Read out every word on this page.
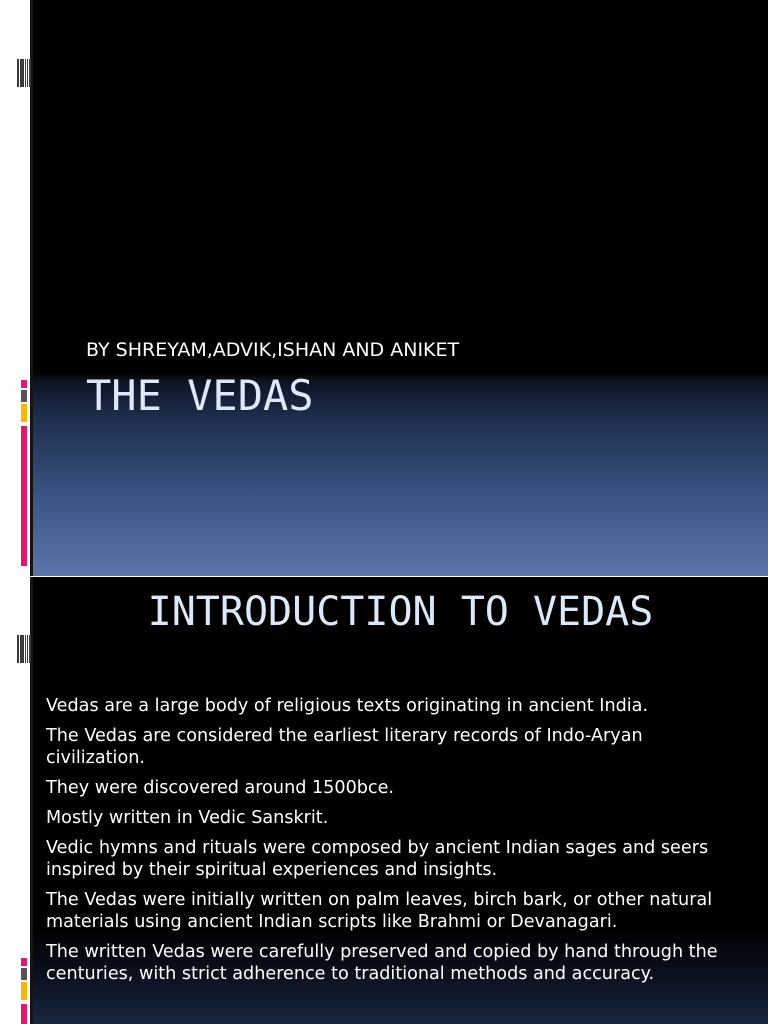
BY SHREYAM,ADVIK,ISHAN AND ANIKET
THE VEDAS
INTRODUCTION TO VEDAS
Vedas are a large body of religious texts originating in ancient India.
The Vedas are considered the earliest literary records of Indo-Aryan civilization.
They were discovered around 1500bce.
Mostly written in Vedic Sanskrit.
Vedic hymns and rituals were composed by ancient Indian sages and seers inspired by their spiritual experiences and insights.
The Vedas were initially written on palm leaves, birch bark, or other natural materials using ancient Indian scripts like Brahmi or Devanagari.
The written Vedas were carefully preserved and copied by hand through the centuries, with strict adherence to traditional methods and accuracy.
